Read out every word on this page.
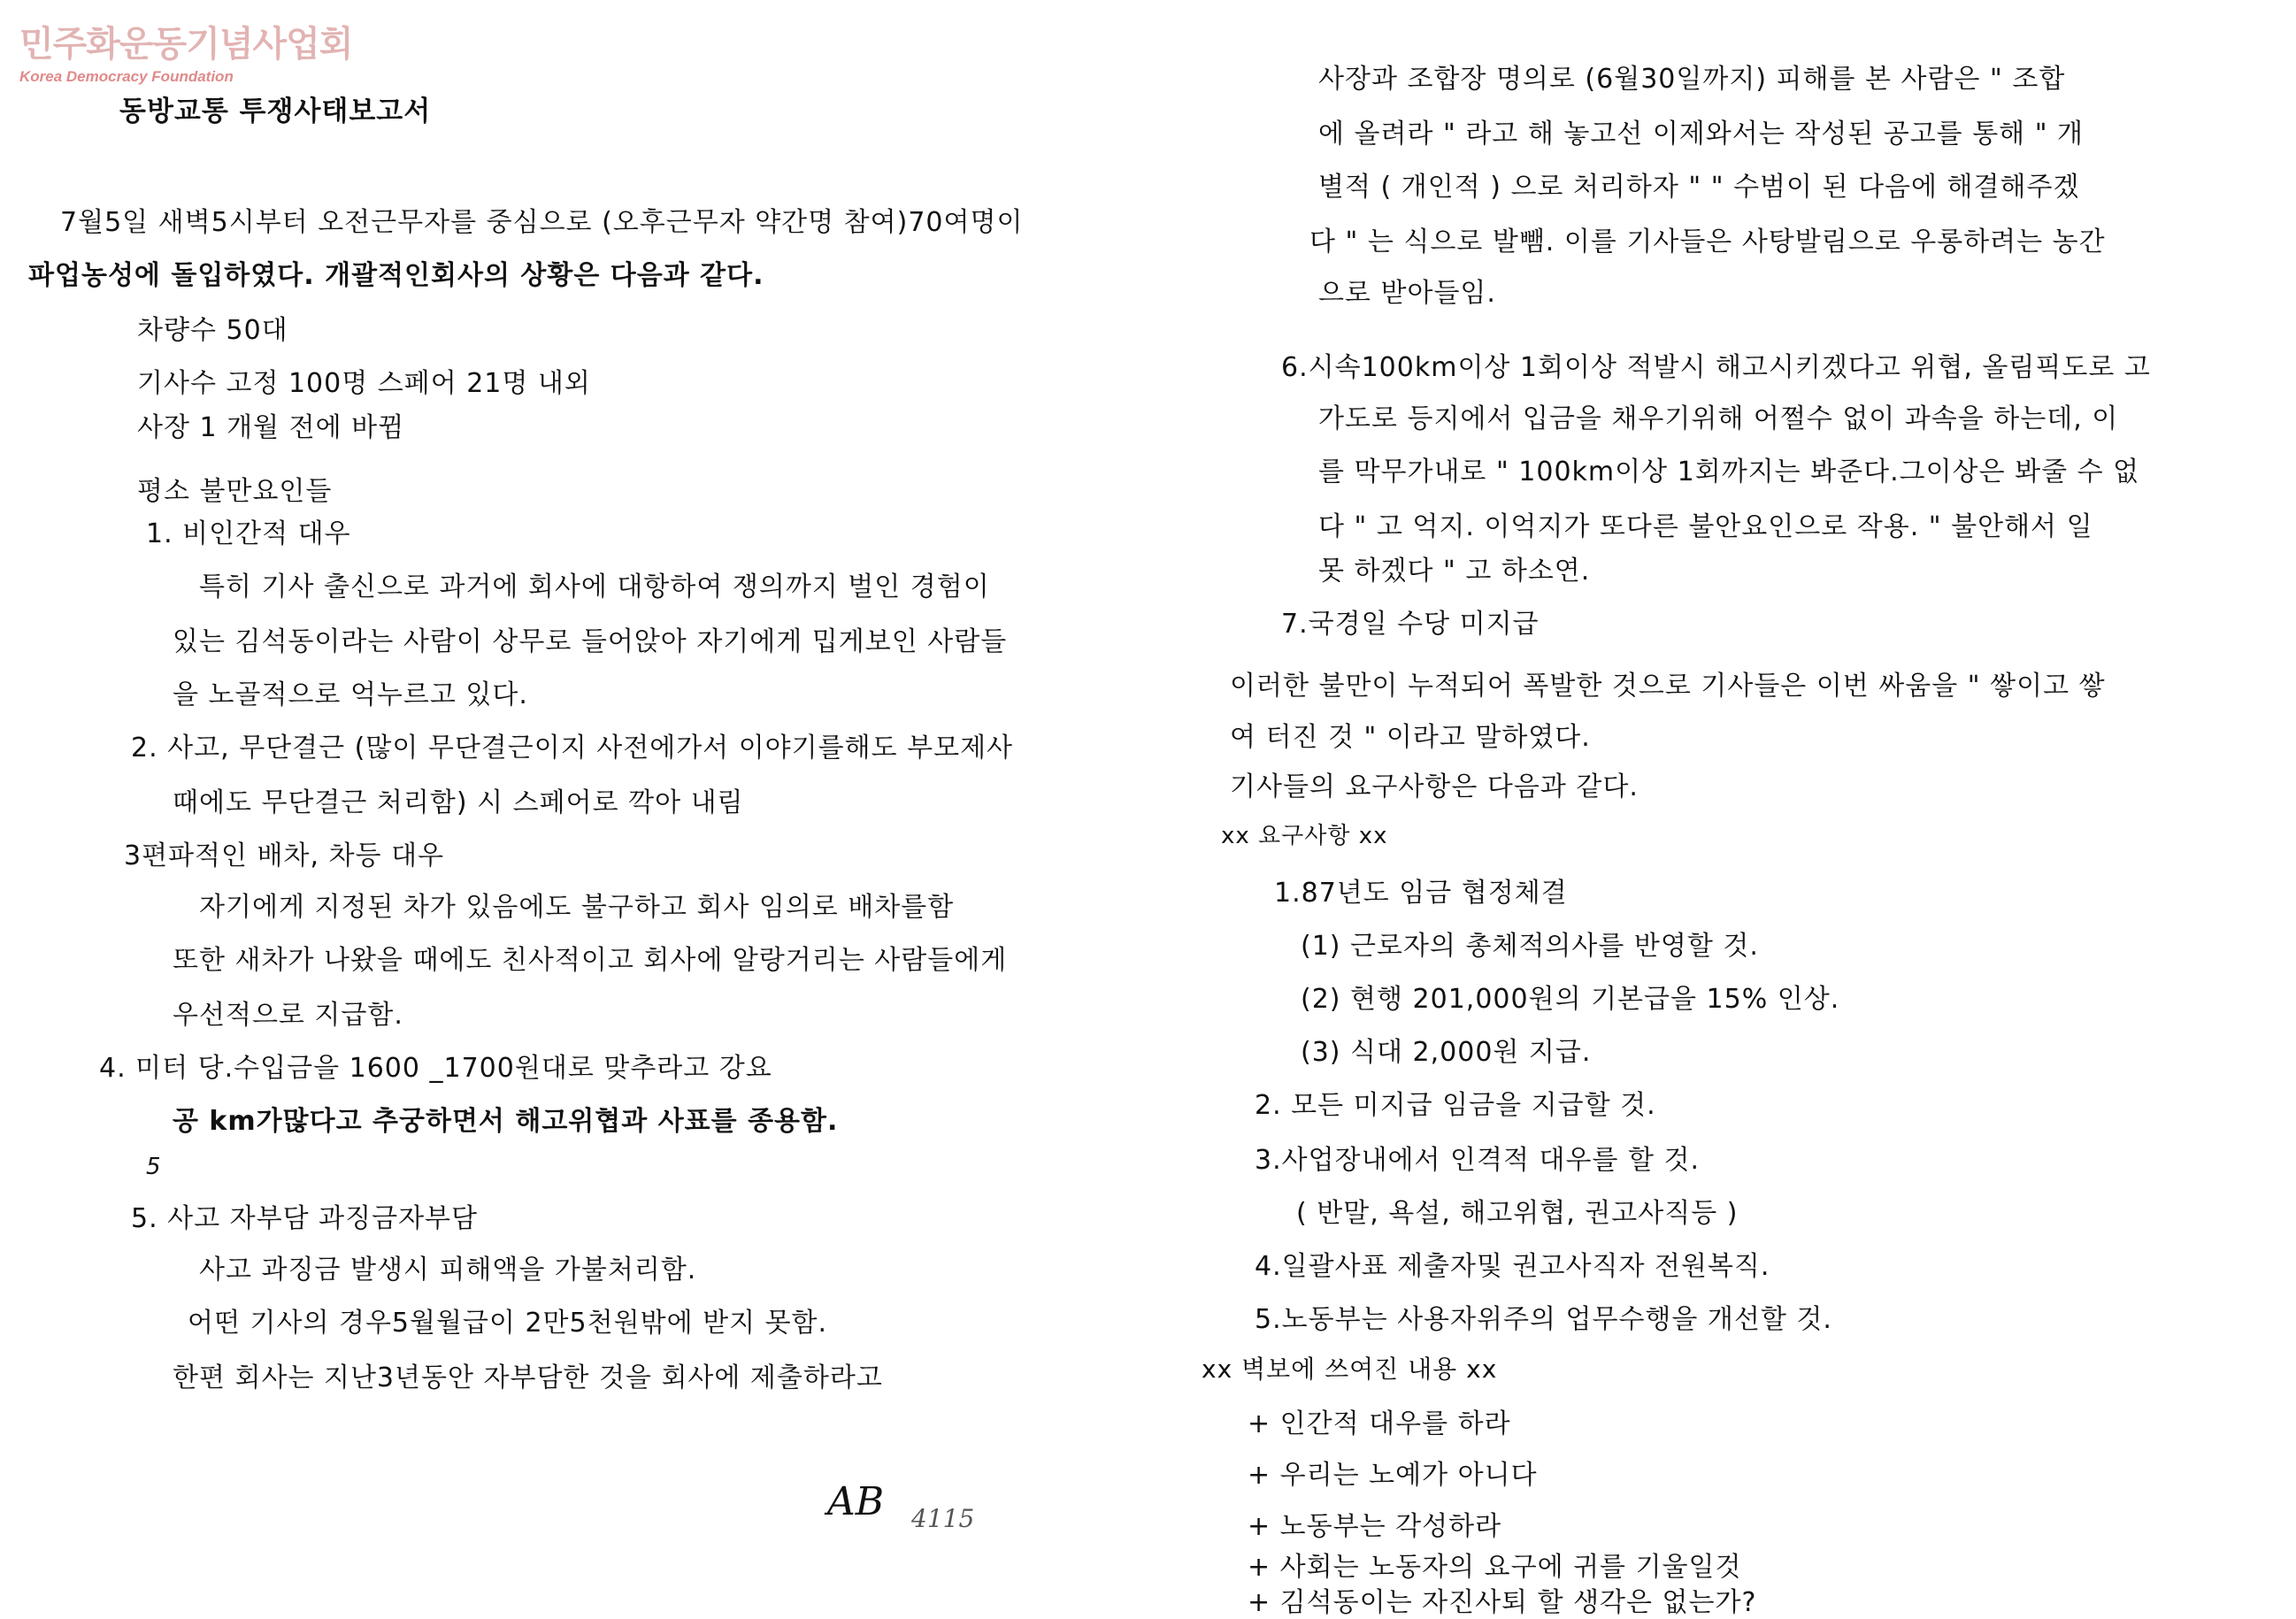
민주화운동기념사업회
Korea Democracy Foundation
동방교통 투쟁사태보고서
7월5일 새벽5시부터 오전근무자를 중심으로 (오후근무자 약간명 참여)70여명이
파업농성에 돌입하였다. 개괄적인회사의 상황은 다음과 같다.
차량수 50대
기사수 고정 100명 스페어 21명 내외
사장 1 개월 전에 바뀜
평소 불만요인들
1. 비인간적 대우
특히 기사 출신으로 과거에 회사에 대항하여 쟁의까지 벌인 경험이
있는 김석동이라는 사람이 상무로 들어앉아 자기에게 밉게보인 사람들
을 노골적으로 억누르고 있다.
2. 사고, 무단결근 (많이 무단결근이지 사전에가서 이야기를해도 부모제사
때에도 무단결근 처리함) 시 스페어로 깍아 내림
3편파적인 배차, 차등 대우
자기에게 지정된 차가 있음에도 불구하고 회사 임의로 배차를함
또한 새차가 나왔을 때에도 친사적이고 회사에 알랑거리는 사람들에게
우선적으로 지급함.
4. 미터 당.수입금을 1600 _1700원대로 맞추라고 강요
공 km가많다고 추궁하면서 해고위협과 사표를 종용함.
5
5. 사고 자부담 과징금자부담
사고 과징금 발생시 피해액을 가불처리함.
어떤 기사의 경우5월월급이 2만5천원밖에 받지 못함.
한편 회사는 지난3년동안 자부담한 것을 회사에 제출하라고
AB 4115
사장과 조합장 명의로 (6월30일까지) 피해를 본 사람은 " 조합
에 올려라 " 라고 해 놓고선 이제와서는 작성된 공고를 통해 " 개
별적 ( 개인적 ) 으로 처리하자 " " 수범이 된 다음에 해결해주겠
다 " 는 식으로 발뺌. 이를 기사들은 사탕발림으로 우롱하려는 농간
으로 받아들임.
6.시속100km이상 1회이상 적발시 해고시키겠다고 위협, 올림픽도로 고
가도로 등지에서 입금을 채우기위해 어쩔수 없이 과속을 하는데, 이
를 막무가내로 " 100km이상 1회까지는 봐준다.그이상은 봐줄 수 없
다 " 고 억지. 이억지가 또다른 불안요인으로 작용. " 불안해서 일
못 하겠다 " 고 하소연.
7.국경일 수당 미지급
이러한 불만이 누적되어 폭발한 것으로 기사들은 이번 싸움을 " 쌓이고 쌓
여 터진 것 " 이라고 말하였다.
기사들의 요구사항은 다음과 같다.
xx 요구사항 xx
1.87년도 임금 협정체결
(1) 근로자의 총체적의사를 반영할 것.
(2) 현행 201,000원의 기본급을 15% 인상.
(3) 식대 2,000원 지급.
2. 모든 미지급 임금을 지급할 것.
3.사업장내에서 인격적 대우를 할 것.
( 반말, 욕설, 해고위협, 권고사직등 )
4.일괄사표 제출자및 권고사직자 전원복직.
5.노동부는 사용자위주의 업무수행을 개선할 것.
xx 벽보에 쓰여진 내용 xx
+ 인간적 대우를 하라
+ 우리는 노예가 아니다
+ 노동부는 각성하라
+ 사회는 노동자의 요구에 귀를 기울일것
+ 김석동이는 자진사퇴 할 생각은 없는가?
